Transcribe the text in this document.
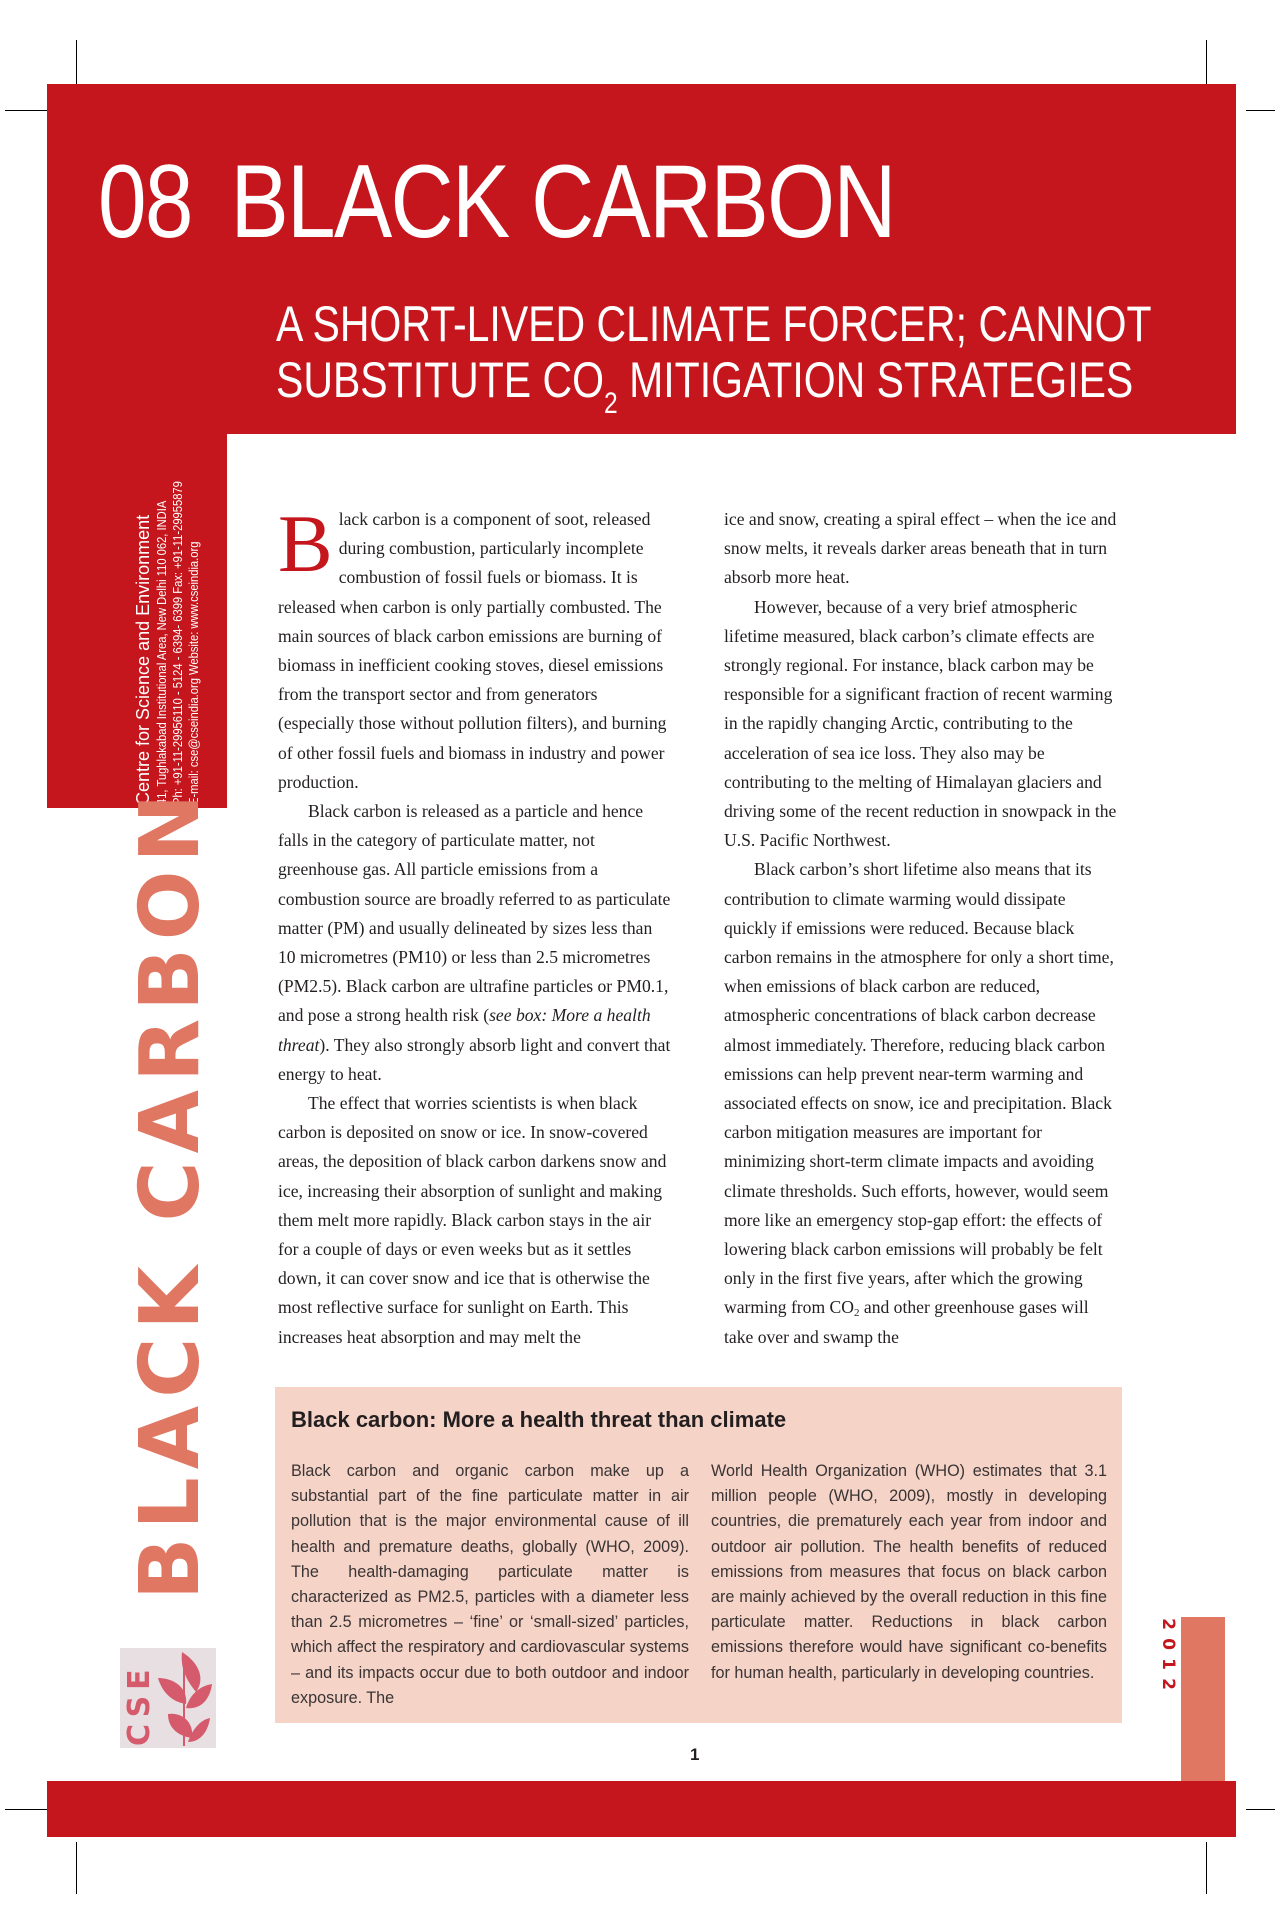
08 BLACK CARBON
A SHORT-LIVED CLIMATE FORCER; CANNOT
SUBSTITUTE $CO_2$ MITIGATION STRATEGIES
Centre for Science and Environment 41, Tughlakabad Institutional Area, New Delhi 110 062, INDIA Ph: +91-11-29956110 - 5124 - 6394- 6399 Fax: +91-11-29955879 E-mail: cse@cseindia.org Website: www.cseindia.org
BLACK CARBON
CSE

Black carbon is a component of soot, released during combustion, particularly incomplete combustion of fossil fuels or biomass. It is released when carbon is only partially combusted. The main sources of black carbon emissions are burning of biomass in inefficient cooking stoves, diesel emissions from the transport sector and from generators (especially those without pollution filters), and burning of other fossil fuels and biomass in industry and power production.

Black carbon is released as a particle and hence falls in the category of particulate matter, not greenhouse gas. All particle emissions from a combustion source are broadly referred to as particulate matter (PM) and usually delineated by sizes less than 10 micrometres (PM10) or less than 2.5 micrometres (PM2.5). Black carbon are ultrafine particles or PM0.1, and pose a strong health risk (see box: More a health threat). They also strongly absorb light and convert that energy to heat.

The effect that worries scientists is when black carbon is deposited on snow or ice. In snow-covered areas, the deposition of black carbon darkens snow and ice, increasing their absorption of sunlight and making them melt more rapidly. Black carbon stays in the air for a couple of days or even weeks but as it settles down, it can cover snow and ice that is otherwise the most reflective surface for sunlight on Earth. This increases heat absorption and may melt the

ice and snow, creating a spiral effect – when the ice and snow melts, it reveals darker areas beneath that in turn absorb more heat.

However, because of a very brief atmospheric lifetime measured, black carbon’s climate effects are strongly regional. For instance, black carbon may be responsible for a significant fraction of recent warming in the rapidly changing Arctic, contributing to the acceleration of sea ice loss. They also may be contributing to the melting of Himalayan glaciers and driving some of the recent reduction in snowpack in the U.S. Pacific Northwest.

Black carbon’s short lifetime also means that its contribution to climate warming would dissipate quickly if emissions were reduced. Because black carbon remains in the atmosphere for only a short time, when emissions of black carbon are reduced, atmospheric concentrations of black carbon decrease almost immediately. Therefore, reducing black carbon emissions can help prevent near-term warming and associated effects on snow, ice and precipitation. Black carbon mitigation measures are important for minimizing short-term climate impacts and avoiding climate thresholds. Such efforts, however, would seem more like an emergency stop-gap effort: the effects of lowering black carbon emissions will probably be felt only in the first five years, after which the growing warming from CO2 and other greenhouse gases will take over and swamp the

Black carbon: More a health threat than climate
Black carbon and organic carbon make up a substantial part of the fine particulate matter in air pollution that is the major environmental cause of ill health and premature deaths, globally (WHO, 2009). The health-damaging particulate matter is characterized as PM2.5, particles with a diameter less than 2.5 micrometres – ‘fine’ or ‘small-sized’ particles, which affect the respiratory and cardiovascular systems – and its impacts occur due to both outdoor and indoor exposure. The
World Health Organization (WHO) estimates that 3.1 million people (WHO, 2009), mostly in developing countries, die prematurely each year from indoor and outdoor air pollution. The health benefits of reduced emissions from measures that focus on black carbon are mainly achieved by the overall reduction in this fine particulate matter. Reductions in black carbon emissions therefore would have significant co-benefits for human health, particularly in developing countries.
2
0
1
2
1
